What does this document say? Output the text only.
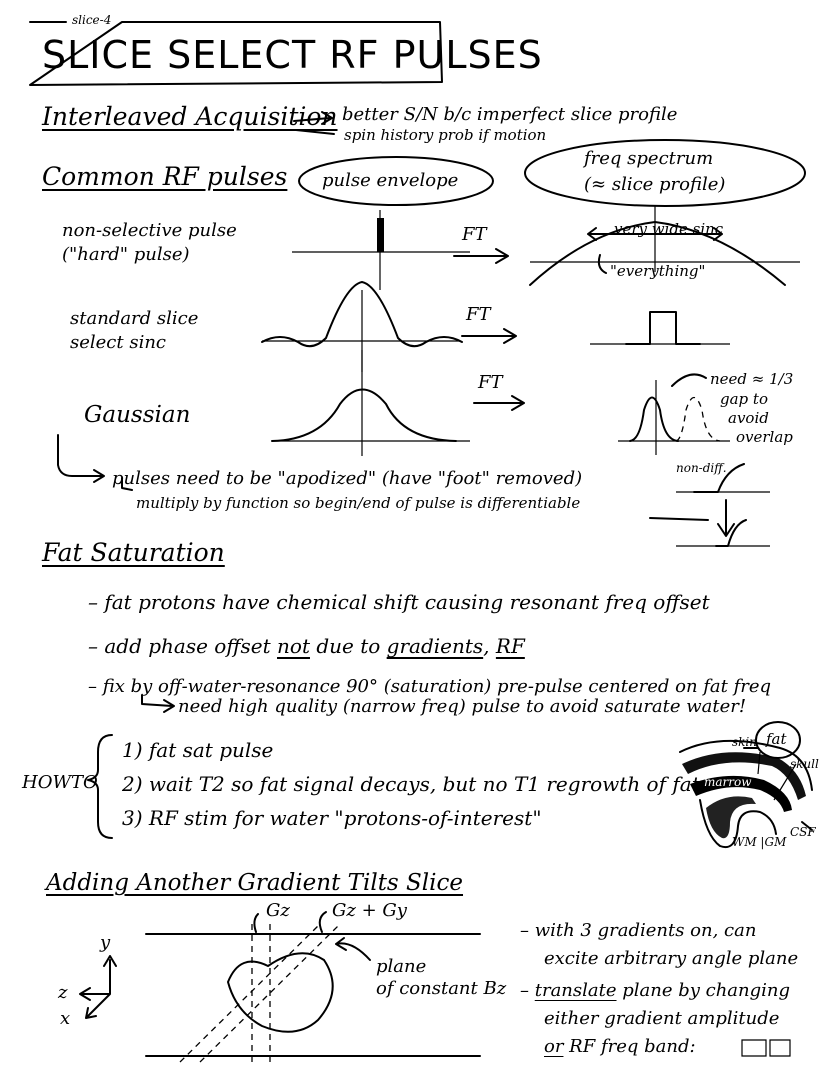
slice-4
SLICE SELECT RF PULSES
Interleaved Acquisition better S/N b/c imperfect slice profile
spin history prob if motion
Common RF pulses pulse envelope
freq spectrum
(≈ slice profile)
non-selective pulse
("hard" pulse)
FT	very wide sinc
"everything"
standard slice
select sinc
FT
Gaussian
FT	need ≈ 1/3
gap to
avoid
overlap
pulses need to be "apodized" (have "foot" removed)
multiply by function so begin/end of pulse is differentiable
non-diff.
Fat Saturation
– fat protons have chemical shift causing resonant freq offset
– add phase offset not due to gradients, RF
– fix by off-water-resonance 90° (saturation) pre-pulse centered on fat freq
need high quality (narrow freq) pulse to avoid saturate water!
HOWTO
1) fat sat pulse
2) wait T2 so fat signal decays, but no T1 regrowth of fat
3) RF stim for water "protons-of-interest"
skin fat
skull
marrow
CSF
WM |GM
Adding Another Gradient Tilts Slice
Gz Gz + Gy
y
z
x
plane
of constant Bz
– with 3 gradients on, can
excite arbitrary angle plane
– translate plane by changing
either gradient amplitude
or RF freq band:
